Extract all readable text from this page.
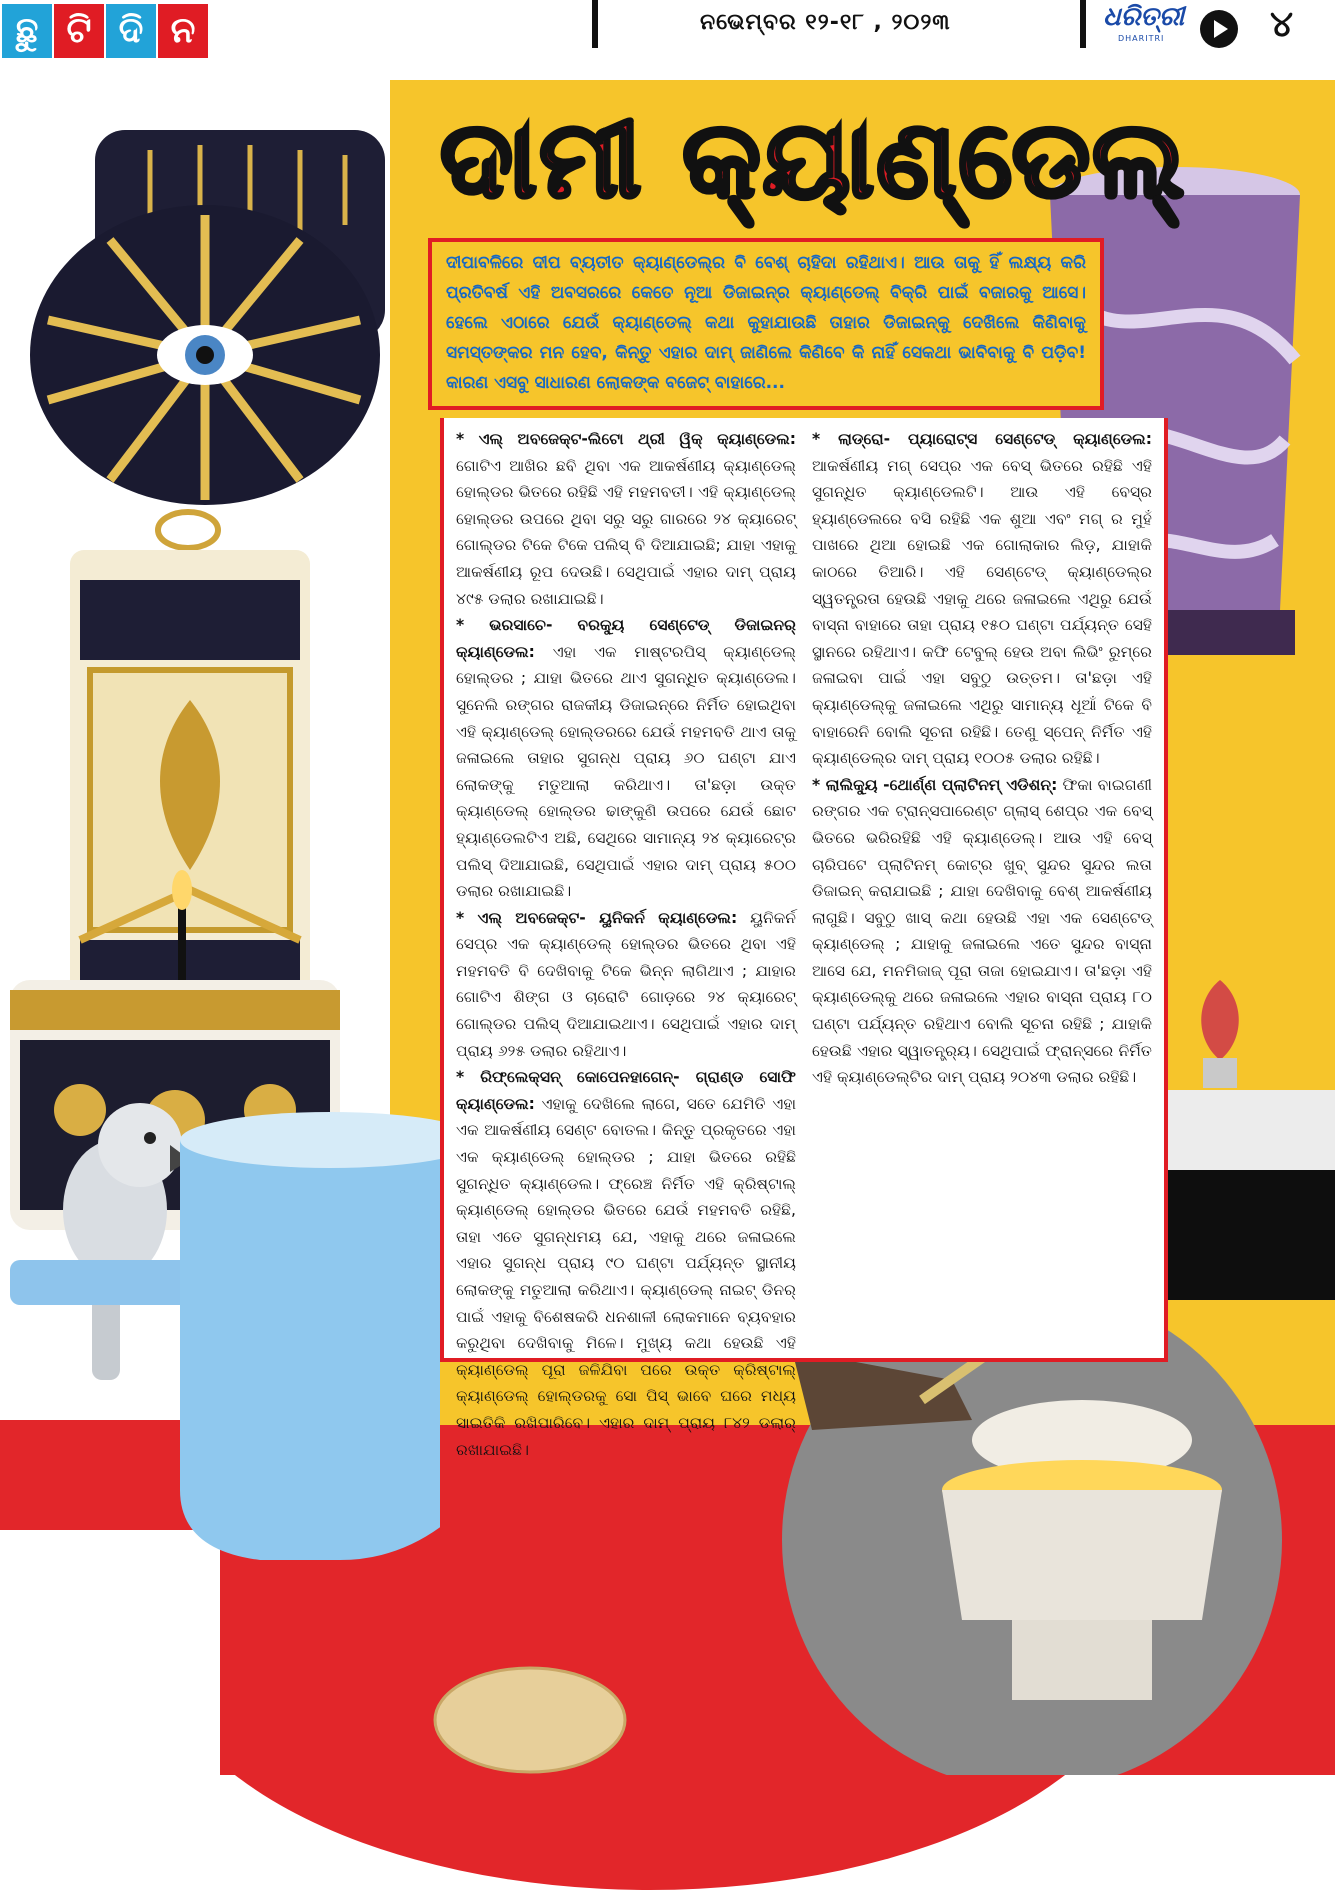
ଛୁ ଟି ଦି ନ	ନଭେମ୍ବର ୧୨-୧୮ , ୨୦୨୩	ଧରିତ୍ରୀ
DHARITRI	୪
ଦାମୀ କ୍ୟାଣ୍ଡେଲ୍
ଦୀପାବଳିରେ ଦୀପ ବ୍ୟତୀତ କ୍ୟାଣ୍ଡେଲ୍ର ବି ବେଶ୍ ଚାହିଦା ରହିଥାଏ। ଆଉ ତାକୁ ହିଁ ଲକ୍ଷ୍ୟ କରି ପ୍ରତିବର୍ଷ ଏହି ଅବସରରେ କେତେ ନୂଆ ଡିଜାଇନ୍ର କ୍ୟାଣ୍ଡେଲ୍ ବିକ୍ରି ପାଇଁ ବଜାରକୁ ଆସେ। ହେଲେ ଏଠାରେ ଯେଉଁ କ୍ୟାଣ୍ଡେଲ୍ କଥା କୁହାଯାଉଛି ତାହାର ଡିଜାଇନ୍କୁ ଦେଖିଲେ କିଣିବାକୁ ସମସ୍ତଙ୍କର ମନ ହେବ, କିନ୍ତୁ ଏହାର ଦାମ୍ ଜାଣିଲେ କିଣିବେ କି ନାହିଁ ସେକଥା ଭାବିବାକୁ ବି ପଡ଼ିବ! କାରଣ ଏସବୁ ସାଧାରଣ ଲୋକଙ୍କ ବଜେଟ୍ ବାହାରେ...

* ଏଲ୍ ଅବଜେକ୍ଟ-ଲିଟୋ ଥ୍ରୀ ୱିକ୍ କ୍ୟାଣ୍ଡେଲ: ଗୋଟିଏ ଆଖିର ଛବି ଥିବା ଏକ ଆକର୍ଷଣୀୟ କ୍ୟାଣ୍ଡେଲ୍ ହୋଲ୍ଡର ଭିତରେ ରହିଛି ଏହି ମହମବତୀ। ଏହି କ୍ୟାଣ୍ଡେଲ୍ ହୋଲ୍ଡର ଉପରେ ଥିବା ସରୁ ସରୁ ଗାରରେ ୨୪ କ୍ୟାରେଟ୍ ଗୋଲ୍ଡର ଟିକେ ଟିକେ ପଲିସ୍ ବି ଦିଆଯାଇଛି; ଯାହା ଏହାକୁ ଆକର୍ଷଣୀୟ ରୂପ ଦେଉଛି। ସେଥିପାଇଁ ଏହାର ଦାମ୍ ପ୍ରାୟ ୪୯୫ ଡଲାର ରଖାଯାଇଛି।

* ଭରସାଚେ- ବରକ୍ୟୁ ସେଣ୍ଟେଡ୍ ଡିଜାଇନର୍ କ୍ୟାଣ୍ଡେଲ: ଏହା ଏକ ମାଷ୍ଟରପିସ୍ କ୍ୟାଣ୍ଡେଲ୍ ହୋଲ୍ଡର ; ଯାହା ଭିତରେ ଥାଏ ସୁଗନ୍ଧିତ କ୍ୟାଣ୍ଡେଲ। ସୁନେଲି ରଙ୍ଗର ରାଜକୀୟ ଡିଜାଇନ୍ରେ ନିର୍ମିତ ହୋଇଥିବା ଏହି କ୍ୟାଣ୍ଡେଲ୍ ହୋଲ୍ଡରରେ ଯେଉଁ ମହମବତି ଥାଏ ତାକୁ ଜଳାଇଲେ ତାହାର ସୁଗନ୍ଧ ପ୍ରାୟ ୬୦ ଘଣ୍ଟା ଯାଏ ଲୋକଙ୍କୁ ମତୁଆଲା କରିଥାଏ। ତା'ଛଡ଼ା ଉକ୍ତ କ୍ୟାଣ୍ଡେଲ୍ ହୋଲ୍ଡର ଢାଙ୍କୁଣି ଉପରେ ଯେଉଁ ଛୋଟ ହ୍ୟାଣ୍ଡେଲଟିଏ ଅଛି, ସେଥିରେ ସାମାନ୍ୟ ୨୪ କ୍ୟାରେଟ୍ର ପଲିସ୍ ଦିଆଯାଇଛି, ସେଥିପାଇଁ ଏହାର ଦାମ୍ ପ୍ରାୟ ୫୦୦ ଡଲାର ରଖାଯାଇଛି।

* ଏଲ୍ ଅବଜେକ୍ଟ- ୟୁନିକର୍ନ କ୍ୟାଣ୍ଡେଲ: ୟୁନିକର୍ନ ସେପ୍ର ଏକ କ୍ୟାଣ୍ଡେଲ୍ ହୋଲ୍ଡର ଭିତରେ ଥିବା ଏହି ମହମବତି ବି ଦେଖିବାକୁ ଟିକେ ଭିନ୍ନ ଲାଗିଥାଏ ; ଯାହାର ଗୋଟିଏ ଶିଙ୍ଗ ଓ ଚାରୋଟି ଗୋଡ଼ରେ ୨୪ କ୍ୟାରେଟ୍ ଗୋଲ୍ଡର ପଲିସ୍ ଦିଆଯାଇଥାଏ। ସେଥିପାଇଁ ଏହାର ଦାମ୍ ପ୍ରାୟ ୬୨୫ ଡଲାର ରହିଥାଏ।

* ରିଫ୍ଲେକ୍ସନ୍ କୋପେନହାଗେନ୍- ଗ୍ରାଣ୍ଡ ସୋଫି କ୍ୟାଣ୍ଡେଲ: ଏହାକୁ ଦେଖିଲେ ଲାଗେ, ସତେ ଯେମିତି ଏହା ଏକ ଆକର୍ଷଣୀୟ ସେଣ୍ଟ ବୋତଲ। କିନ୍ତୁ ପ୍ରକୃତରେ ଏହା ଏକ କ୍ୟାଣ୍ଡେଲ୍ ହୋଲ୍ଡର ; ଯାହା ଭିତରେ ରହିଛି ସୁଗନ୍ଧିତ କ୍ୟାଣ୍ଡେଲ। ଫ୍ରେଞ୍ଚ ନିର୍ମିତ ଏହି କ୍ରିଷ୍ଟାଲ୍ କ୍ୟାଣ୍ଡେଲ୍ ହୋଲ୍ଡର ଭିତରେ ଯେଉଁ ମହମବତି ରହିଛି, ତାହା ଏତେ ସୁଗନ୍ଧମୟ ଯେ, ଏହାକୁ ଥରେ ଜଳାଇଲେ ଏହାର ସୁଗନ୍ଧ ପ୍ରାୟ ୯୦ ଘଣ୍ଟା ପର୍ଯ୍ୟନ୍ତ ସ୍ଥାନୀୟ ଲୋକଙ୍କୁ ମତୁଆଲା କରିଥାଏ। କ୍ୟାଣ୍ଡେଲ୍ ନାଇଟ୍ ଡିନର୍ ପାଇଁ ଏହାକୁ ବିଶେଷକରି ଧନଶାଳୀ ଲୋକମାନେ ବ୍ୟବହାର କରୁଥିବା ଦେଖିବାକୁ ମିଳେ। ମୁଖ୍ୟ କଥା ହେଉଛି ଏହି କ୍ୟାଣ୍ଡେଲ୍ ପୂରା ଜଳିଯିବା ପରେ ଉକ୍ତ କ୍ରିଷ୍ଟାଲ୍ କ୍ୟାଣ୍ଡେଲ୍ ହୋଲ୍ଡରକୁ ସୋ ପିସ୍ ଭାବେ ଘରେ ମଧ୍ୟ ସାଇତିକି ରଖିପାରିବେ। ଏହାର ଦାମ୍ ପ୍ରାୟ ୮୪୨ ଡଲାର୍ ରଖାଯାଇଛି।

* ଲାଡ୍ରୋ- ପ୍ୟାରୋଟ୍ସ ସେଣ୍ଟେଡ୍ କ୍ୟାଣ୍ଡେଲ: ଆକର୍ଷଣୀୟ ମଗ୍ ସେପ୍ର ଏକ ବେସ୍ ଭିତରେ ରହିଛି ଏହି ସୁଗନ୍ଧିତ କ୍ୟାଣ୍ଡେଲଟି। ଆଉ ଏହି ବେସ୍ର ହ୍ୟାଣ୍ଡେଲରେ ବସି ରହିଛି ଏକ ଶୁଆ ଏବଂ ମଗ୍ ର ମୁହଁ ପାଖରେ ଥିଆ ହୋଇଛି ଏକ ଗୋଲାକାର ଲିଡ଼, ଯାହାକି କାଠରେ ତିଆରି। ଏହି ସେଣ୍ଟେଡ୍ କ୍ୟାଣ୍ଡେଲ୍ର ସ୍ୱତନ୍ତ୍ରତା ହେଉଛି ଏହାକୁ ଥରେ ଜଳାଇଲେ ଏଥିରୁ ଯେଉଁ ବାସ୍ନା ବାହାରେ ତାହା ପ୍ରାୟ ୧୫୦ ଘଣ୍ଟା ପର୍ଯ୍ୟନ୍ତ ସେହି ସ୍ଥାନରେ ରହିଥାଏ। କଫି ଟେବୁଲ୍ ହେଉ ଅବା ଲିଭିଂ ରୁମ୍ରେ ଜଳାଇବା ପାଇଁ ଏହା ସବୁଠୁ ଉତ୍ତମ। ତା'ଛଡ଼ା ଏହି କ୍ୟାଣ୍ଡେଲ୍କୁ ଜଳାଇଲେ ଏଥିରୁ ସାମାନ୍ୟ ଧୂଆଁ ଟିକେ ବି ବାହାରେନି ବୋଲି ସୂଚନା ରହିଛି। ତେଣୁ ସ୍ପେନ୍ ନିର୍ମିତ ଏହି କ୍ୟାଣ୍ଡେଲ୍ର ଦାମ୍ ପ୍ରାୟ ୧୦୦୫ ଡଲାର ରହିଛି।

* ଲାଲିକ୍ୟୁ -ଥୋର୍ଣ୍ଣ ପ୍ଲାଟିନମ୍ ଏଡିଶନ୍: ଫିକା ବାଇଗଣୀ ରଙ୍ଗର ଏକ ଟ୍ରାନ୍ସପାରେଣ୍ଟ ଗ୍ଲାସ୍ ଶେପ୍ର ଏକ ବେସ୍ ଭିତରେ ଭରିରହିଛି ଏହି କ୍ୟାଣ୍ଡେଲ୍। ଆଉ ଏହି ବେସ୍ ଚାରିପଟେ ପ୍ଲାଟିନମ୍ କୋଟ୍ର ଖୁବ୍ ସୁନ୍ଦର ସୁନ୍ଦର ଲତା ଡିଜାଇନ୍ କରାଯାଇଛି ; ଯାହା ଦେଖିବାକୁ ବେଶ୍ ଆକର୍ଷଣୀୟ ଲାଗୁଛି। ସବୁଠୁ ଖାସ୍ କଥା ହେଉଛି ଏହା ଏକ ସେଣ୍ଟେଡ୍ କ୍ୟାଣ୍ଡେଲ୍ ; ଯାହାକୁ ଜଳାଇଲେ ଏତେ ସୁନ୍ଦର ବାସ୍ନା ଆସେ ଯେ, ମନମିଜାଜ୍ ପୂରା ତାଜା ହୋଇଯାଏ। ତା'ଛଡ଼ା ଏହି କ୍ୟାଣ୍ଡେଲ୍କୁ ଥରେ ଜଳାଇଲେ ଏହାର ବାସ୍ନା ପ୍ରାୟ ୮୦ ଘଣ୍ଟା ପର୍ଯ୍ୟନ୍ତ ରହିଥାଏ ବୋଲି ସୂଚନା ରହିଛି ; ଯାହାକି ହେଉଛି ଏହାର ସ୍ୱାତନ୍ତ୍ର୍ୟ। ସେଥିପାଇଁ ଫ୍ରାନ୍ସରେ ନିର୍ମିତ ଏହି କ୍ୟାଣ୍ଡେଲ୍ଟିର ଦାମ୍ ପ୍ରାୟ ୨୦୪୩ ଡଲାର ରହିଛି।
